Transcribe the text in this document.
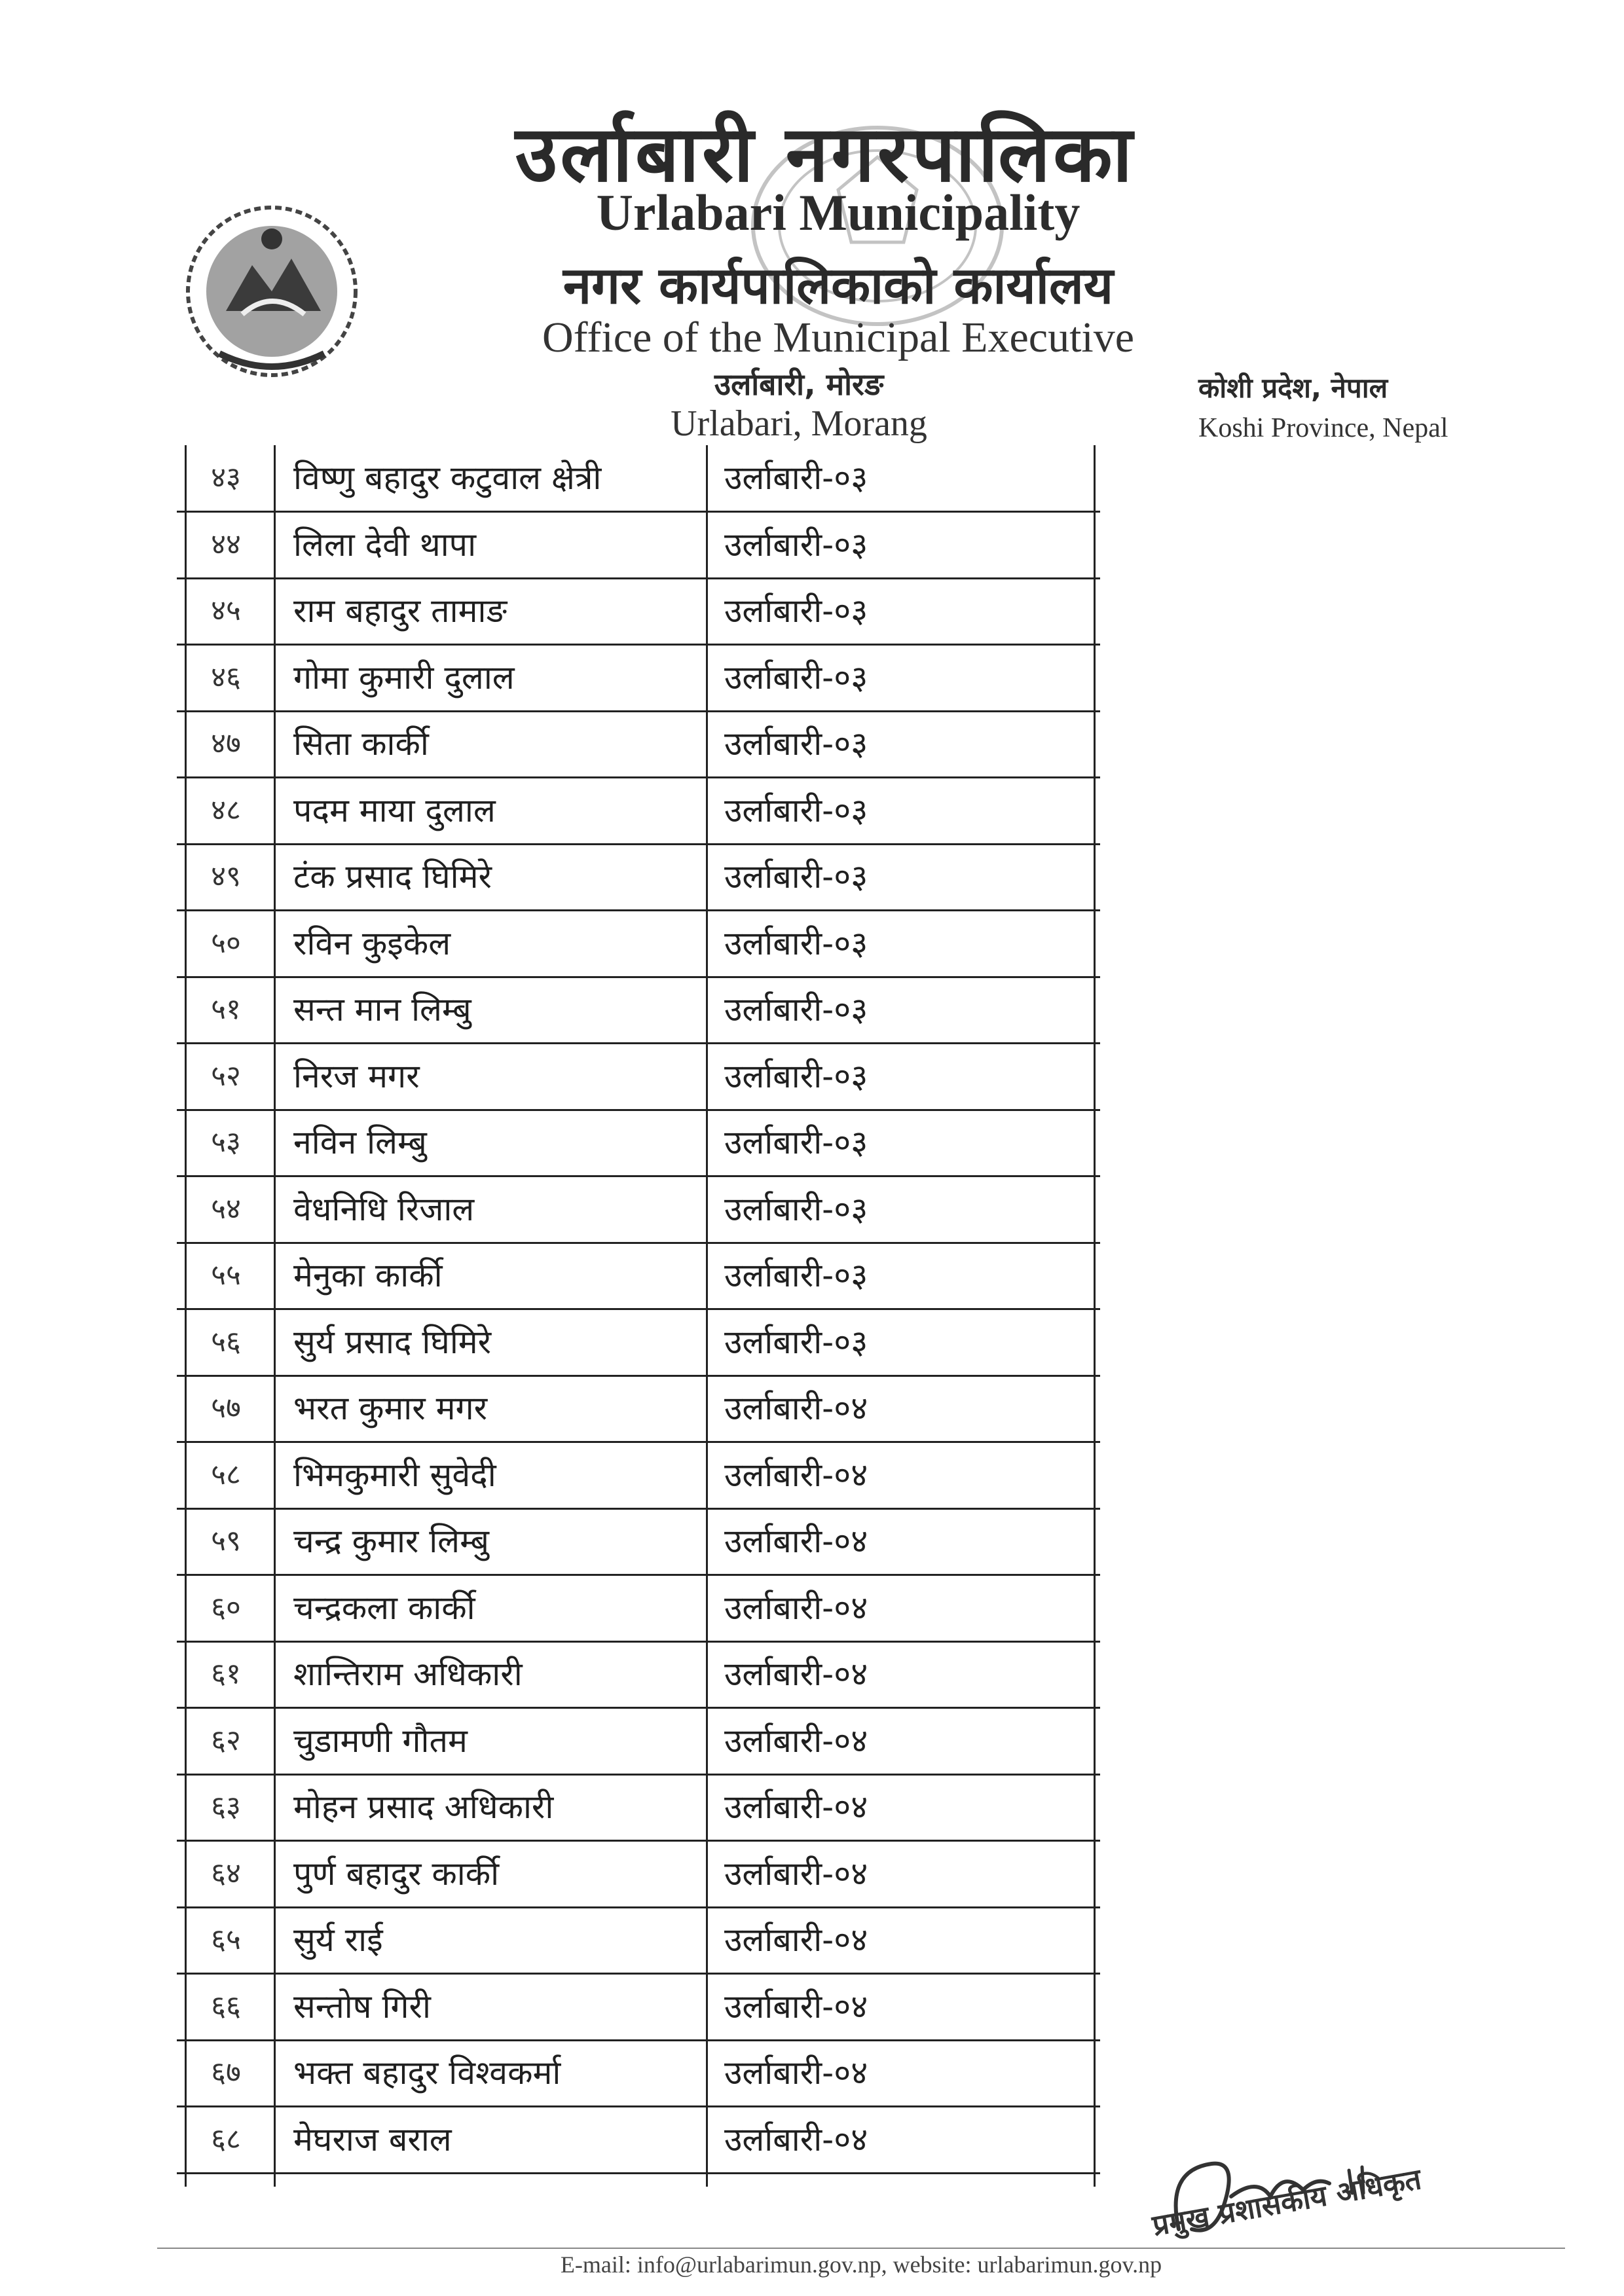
उर्लाबारी नगरपालिका
Urlabari Municipality
नगर कार्यपालिकाको कार्यालय
Office of the Municipal Executive
उर्लाबारी, मोरङ
Urlabari, Morang
कोशी प्रदेश, नेपाल
Koshi Province, Nepal
४३	विष्णु बहादुर कटुवाल क्षेत्री	उर्लाबारी-०३
४४	लिला देवी थापा	उर्लाबारी-०३
४५	राम बहादुर तामाङ	उर्लाबारी-०३
४६	गोमा कुमारी दुलाल	उर्लाबारी-०३
४७	सिता कार्की	उर्लाबारी-०३
४८	पदम माया दुलाल	उर्लाबारी-०३
४९	टंक प्रसाद घिमिरे	उर्लाबारी-०३
५०	रविन कुइकेल	उर्लाबारी-०३
५१	सन्त मान लिम्बु	उर्लाबारी-०३
५२	निरज मगर	उर्लाबारी-०३
५३	नविन लिम्बु	उर्लाबारी-०३
५४	वेधनिधि रिजाल	उर्लाबारी-०३
५५	मेनुका कार्की	उर्लाबारी-०३
५६	सुर्य प्रसाद घिमिरे	उर्लाबारी-०३
५७	भरत कुमार मगर	उर्लाबारी-०४
५८	भिमकुमारी सुवेदी	उर्लाबारी-०४
५९	चन्द्र कुमार लिम्बु	उर्लाबारी-०४
६०	चन्द्रकला कार्की	उर्लाबारी-०४
६१	शान्तिराम अधिकारी	उर्लाबारी-०४
६२	चुडामणी गौतम	उर्लाबारी-०४
६३	मोहन प्रसाद अधिकारी	उर्लाबारी-०४
६४	पुर्ण बहादुर कार्की	उर्लाबारी-०४
६५	सुर्य राई	उर्लाबारी-०४
६६	सन्तोष गिरी	उर्लाबारी-०४
६७	भक्त बहादुर विश्वकर्मा	उर्लाबारी-०४
६८	मेघराज बराल	उर्लाबारी-०४
प्रमुख प्रशासकीय अधिकृत
E-mail: info@urlabarimun.gov.np, website: urlabarimun.gov.np
